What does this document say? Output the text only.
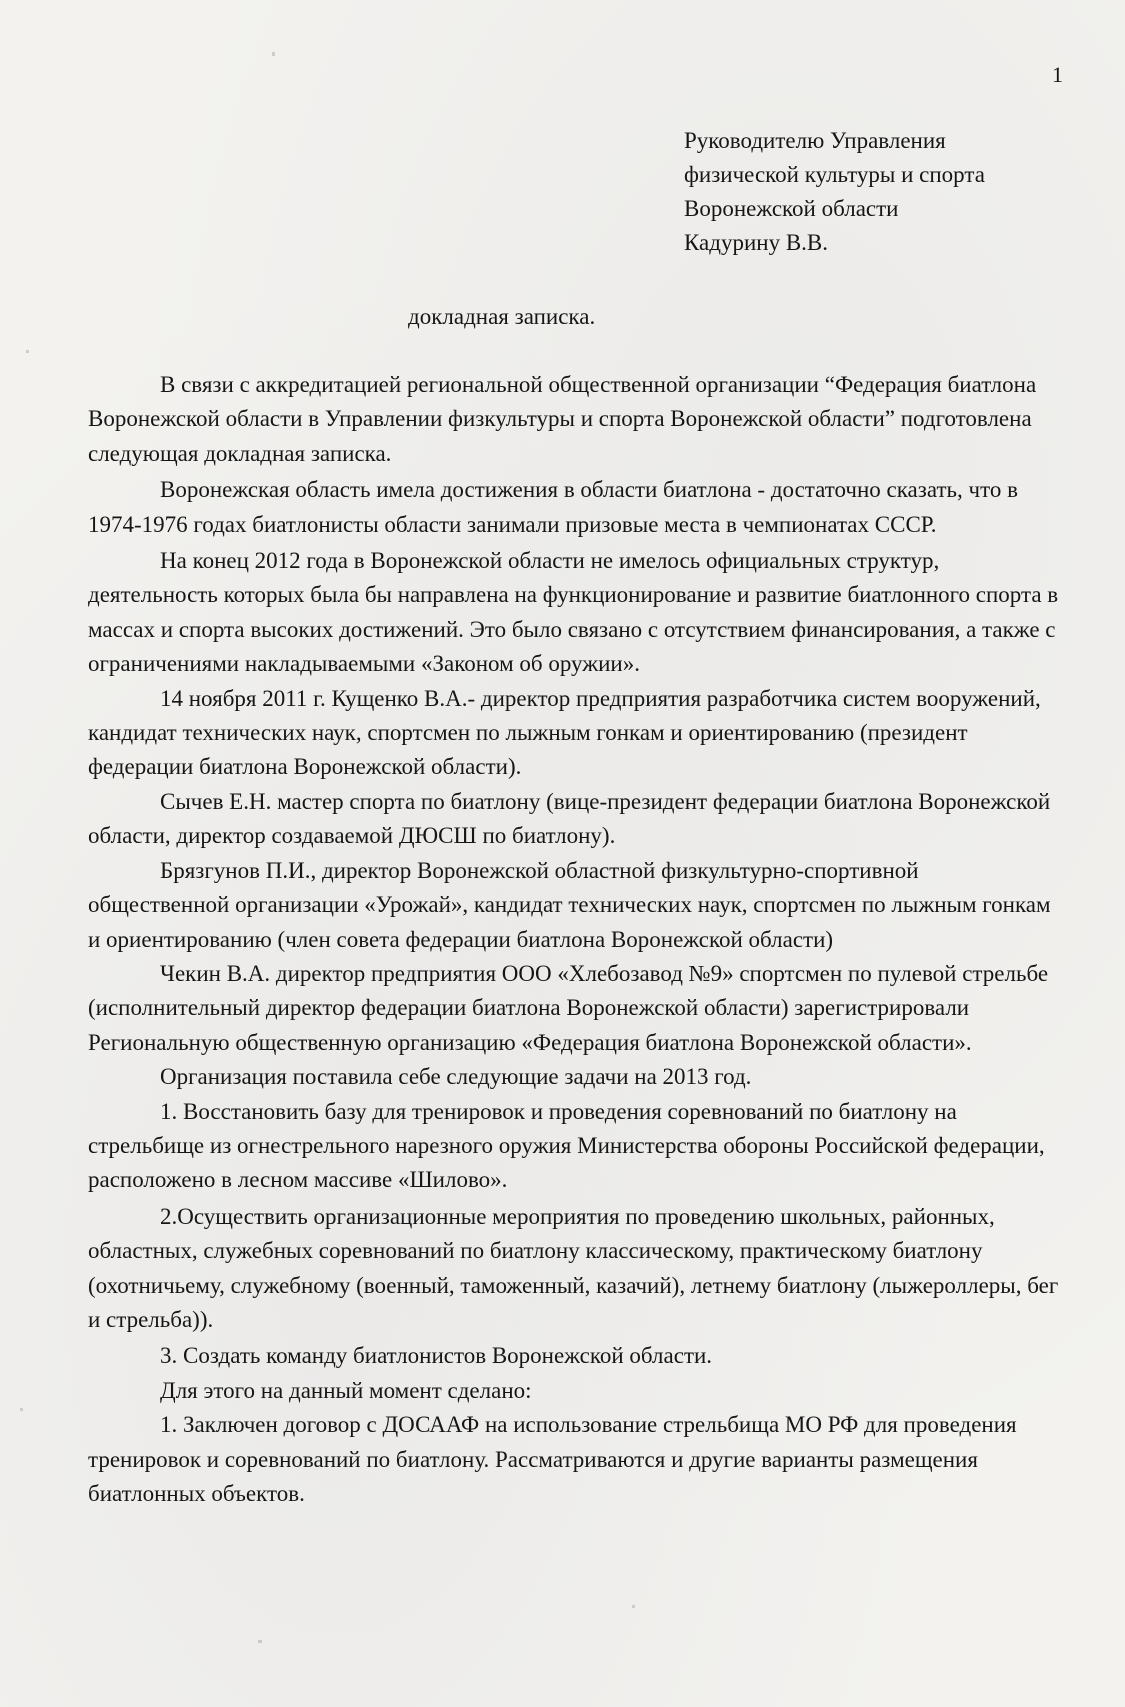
1
Руководителю Управления
физической культуры и спорта
Воронежской области
Кадурину В.В.
докладная записка.

В связи с аккредитацией региональной общественной организации “Федерация биатлона Воронежской области в Управлении физкультуры и спорта Воронежской области” подготовлена следующая докладная записка.

Воронежская область имела достижения в области биатлона - достаточно сказать, что в 1974-1976 годах биатлонисты области занимали призовые места в чемпионатах СССР.

На конец 2012 года в Воронежской области не имелось официальных структур, деятельность которых была бы направлена на функционирование и развитие биатлонного спорта в массах и спорта высоких достижений. Это было связано с отсутствием финансирования, а также с ограничениями накладываемыми «Законом об оружии».

14 ноября 2011 г. Кущенко В.А.- директор предприятия разработчика систем вооружений, кандидат технических наук, спортсмен по лыжным гонкам и ориентированию (президент федерации биатлона Воронежской области).

Сычев Е.Н. мастер спорта по биатлону (вице-президент федерации биатлона Воронежской области, директор создаваемой ДЮСШ по биатлону).

Брязгунов П.И., директор Воронежской областной физкультурно-спортивной общественной организации «Урожай», кандидат технических наук, спортсмен по лыжным гонкам и ориентированию (член совета федерации биатлона Воронежской области)

Чекин В.А. директор предприятия ООО «Хлебозавод №9» спортсмен по пулевой стрельбе (исполнительный директор федерации биатлона Воронежской области) зарегистрировали Региональную общественную организацию «Федерация биатлона Воронежской области».

Организация поставила себе следующие задачи на 2013 год.

1. Восстановить базу для тренировок и проведения соревнований по биатлону на стрельбище из огнестрельного нарезного оружия Министерства обороны Российской федерации, расположено в лесном массиве «Шилово».

2.Осуществить организационные мероприятия по проведению школьных, районных, областных, служебных соревнований по биатлону классическому, практическому биатлону (охотничьему, служебному (военный, таможенный, казачий), летнему биатлону (лыжероллеры, бег и стрельба)).

3. Создать команду биатлонистов Воронежской области.

Для этого на данный момент сделано:

1. Заключен договор с ДОСААФ на использование стрельбища МО РФ для проведения тренировок и соревнований по биатлону. Рассматриваются и другие варианты размещения биатлонных объектов.
